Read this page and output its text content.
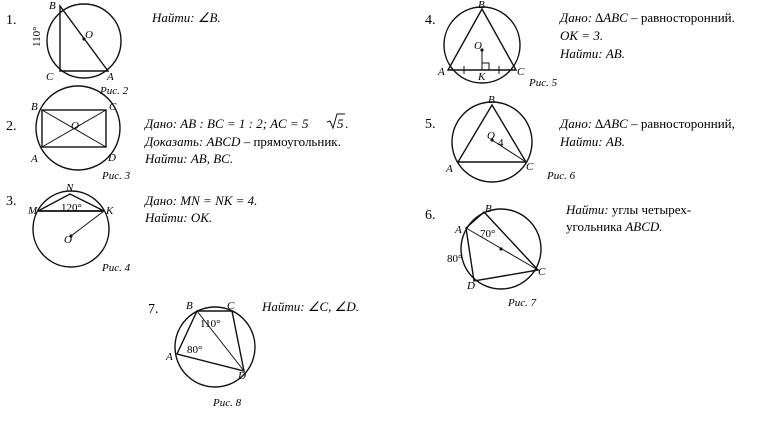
1.
B
O
C	A
110°
Рис. 2
Найти: ∠B.
2.
B	C
O
A	D
Рис. 3
Дано: AB : BC = 1 : 2; AC = 5 5 .
Доказать: ABCD – прямоугольник.
Найти: AB, BC.
3.
N
M	K
O
120°
Рис. 4
Дано: MN = NK = 4.
Найти: OK.
4.
B
O
A	K	C
Рис. 5
Дано: ∆ABC – равносторонний.
OK = 3.
Найти: AB.
5.
B
O
4
A	C
Рис. 6
Дано: ∆ABC – равносторонний,
Найти: AB.
6.	B
A
C
D
70°
80°
Рис. 7
Найти: углы четырех-
угольника ABCD.
7.	B	C
A
D
110°
80°
Рис. 8
Найти: ∠C, ∠D.
